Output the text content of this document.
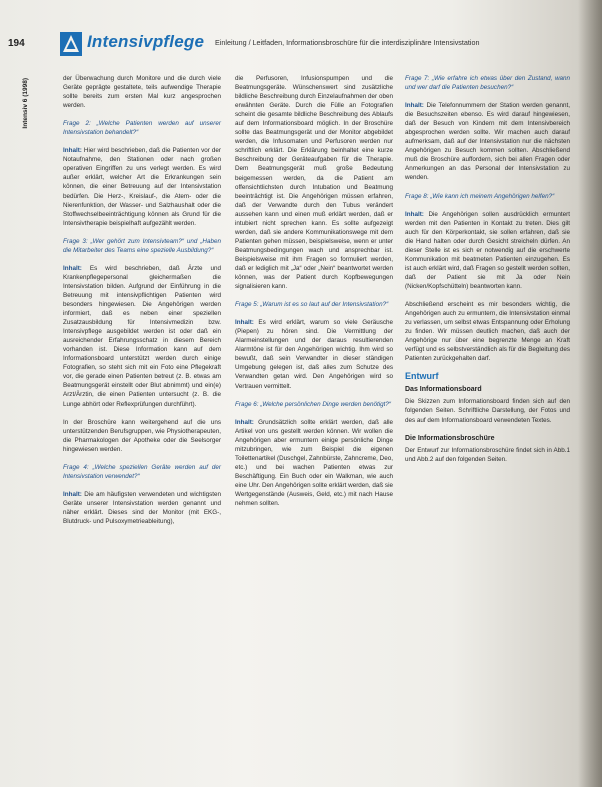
194	Intensivpflege Einleitung / Leitfaden, Informationsbroschüre für die interdisziplinäre Intensivstation
Intensiv 6 (1998)	der Überwachung durch Monitore und die durch viele Geräte geprägte gestaltete, teils aufwendige Therapie sollte bereits zum ersten Mal kurz angesprochen werden.

Frage 2: „Welche Patienten werden auf unserer Intensivstation behandelt?“

Inhalt: Hier wird beschrieben, daß die Patienten vor der Notaufnahme, den Stationen oder nach großen operativen Eingriffen zu uns verlegt werden. Es wird außer erklärt, welcher Art die Erkrankungen sein können, die einer Betreuung auf der Intensivstation bedürfen. Die Herz-, Kreislauf-, die Atem- oder die Nierenfunktion, der Wasser- und Salzhaushalt oder die Stoffwechselbeeinträchtigung können als Grund für die Intensivtherapie beispielhaft aufgezählt werden.

Frage 3: „Wer gehört zum Intensivteam?“ und „Haben die Mitarbeiter des Teams eine spezielle Ausbildung?“

Inhalt: Es wird beschrieben, daß Ärzte und Krankenpflegepersonal gleichermaßen die Intensivstation bilden. Aufgrund der Einführung in die Betreuung mit intensivpflichtigen Patienten wird besonders hingewiesen. Die Angehörigen werden informiert, daß es neben einer speziellen Zusatzausbildung für Intensivmedizin bzw. Intensivpflege ausgebildet werden ist oder daß ein ausreichender Erfahrungsschatz in diesem Bereich vorhanden ist. Diese Information kann auf dem Informationsboard unterstützt werden durch einige Fotografien, so steht sich mit ein Foto eine Pflegekraft vor, die gerade einen Patienten betreut (z. B. etwas am Beatmungsgerät einstellt oder Blut abnimmt) und ein(e) Arzt/Ärztin, die einen Patienten untersucht (z. B. die Lunge abhört oder Reflexprüfungen durchführt).

In der Broschüre kann weitergehend auf die uns unterstützenden Berufsgruppen, wie Physiotherapeuten, die Pharmakologen der Apotheke oder die Seelsorger hingewiesen werden.

Frage 4: „Welche speziellen Geräte werden auf der Intensivstation verwendet?“

Inhalt: Die am häufigsten verwendeten und wichtigsten Geräte unserer Intensivstation werden genannt und näher erklärt. Dieses sind der Monitor (mit EKG-, Blutdruck- und Pulsoxymetrieableitung),

die Perfusoren, Infusionspumpen und die Beatmungsgeräte. Wünschenswert sind zusätzliche bildliche Beschreibung durch Einzelaufnahmen der oben erwähnten Geräte. Durch die Fülle an Fotografien scheint die gesamte bildliche Beschreibung des Ablaufs auf dem Informationsboard möglich. In der Broschüre sollte das Beatmungsgerät und der Monitor abgebildet werden, die Infusomaten und Perfusoren werden nur schriftlich erklärt. Die Erklärung beinhaltet eine kurze Beschreibung der Geräteaufgaben für die Therapie. Dem Beatmungsgerät muß große Bedeutung beigemessen werden, da die Patient am offensichtlichsten durch Intubation und Beatmung beeinträchtigt ist. Die Angehörigen müssen erfahren, daß der Verwandte durch den Tubus verändert aussehen kann und einen muß erklärt werden, daß er intubiert nicht sprechen kann. Es sollte aufgezeigt werden, daß sie andere Kommunikationswege mit dem Patienten gehen müssen, beispielsweise, wenn er unter Beatmungsbedingungen wach und ansprechbar ist. Beispielsweise mit ihm Fragen so formuliert werden, daß er lediglich mit „Ja“ oder „Nein“ beantwortet werden können, was der Patient durch Kopfbewegungen signalisieren kann.

Frage 5: „Warum ist es so laut auf der Intensivstation?“

Inhalt: Es wird erklärt, warum so viele Geräusche (Piepen) zu hören sind. Die Vermittlung der Alarmeinstellungen und der daraus resultierenden Alarmtöne ist für den Angehörigen wichtig. Ihm wird so bewußt, daß sein Verwandter in dieser ständigen Umgebung gelegen ist, daß alles zum Schutze des Verwandten getan wird. Den Angehörigen wird so Vertrauen vermittelt.

Frage 6: „Welche persönlichen Dinge werden benötigt?“

Inhalt: Grundsätzlich sollte erklärt werden, daß alle Artikel von uns gestellt werden können. Wir wollen die Angehörigen aber ermuntern einige persönliche Dinge mitzubringen, wie zum Beispiel die eigenen Toilettenartikel (Duschgel, Zahnbürste, Zahncreme, Deo, etc.) und bei wachen Patienten etwas zur Beschäftigung. Ein Buch oder ein Walkman, wie auch eine Uhr. Den Angehörigen sollte erklärt werden, daß sie Wertgegenstände (Ausweis, Geld, etc.) mit nach Hause nehmen sollten.

Frage 7: „Wie erfahre ich etwas über den Zustand, wann und wer darf die Patienten besuchen?“

Inhalt: Die Telefonnummern der Station werden genannt, die Besuchszeiten ebenso. Es wird darauf hingewiesen, daß der Besuch von Kindern mit dem Intensivbereich abgesprochen werden sollte. Wir machen auch darauf aufmerksam, daß auf der Intensivstation nur die nächsten Angehörigen zu Besuch kommen sollten. Abschließend muß die Broschüre auffordern, sich bei allen Fragen oder Anmerkungen an das Personal der Intensivstation zu wenden.

Frage 8: „Wie kann ich meinem Angehörigen helfen?“

Inhalt: Die Angehörigen sollen ausdrücklich ermuntert werden mit den Patienten in Kontakt zu treten. Dies gilt auch für den Körperkontakt, sie sollen erfahren, daß sie die Hand halten oder durch Gesicht streicheln dürfen. An dieser Stelle ist es sich er notwendig auf die erschwerte Kommunikation mit beatmeten Patienten einzugehen. Es ist auch erklärt wird, daß Fragen so gestellt werden sollten, daß der Patient sie mit Ja oder Nein (Nicken/Kopfschütteln) beantworten kann.

Abschließend erscheint es mir besonders wichtig, die Angehörigen auch zu ermuntern, die Intensivstation einmal zu verlassen, um selbst etwas Entspannung oder Erholung zu finden. Wir müssen deutlich machen, daß auch der Angehörige nur über eine begrenzte Menge an Kraft verfügt und es selbstverständlich als für die Begleitung des Patienten zurückgehalten darf.

Entwurf
Das Informationsboard

Die Skizzen zum Informationsboard finden sich auf den folgenden Seiten. Schriftliche Darstellung, der Fotos und des auf dem Informationsboard verwendeten Textes.

Die Informationsbroschüre

Der Entwurf zur Informationsbroschüre findet sich in Abb.1 und Abb.2 auf den folgenden Seiten.
